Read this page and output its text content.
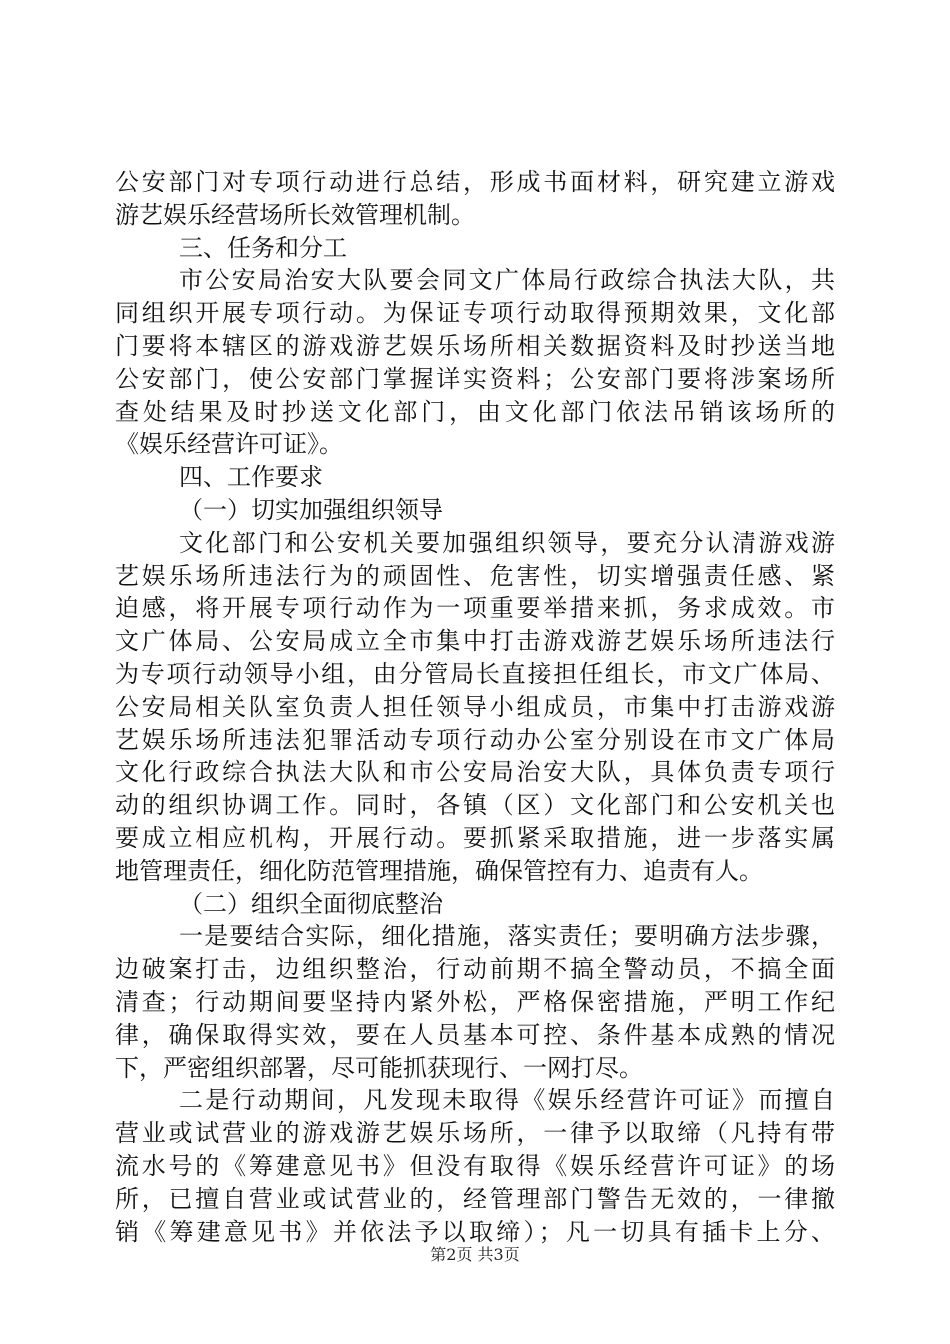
公安部门对专项行动进行总结，形成书面材料，研究建立游戏
游艺娱乐经营场所长效管理机制。
三、任务和分工
市公安局治安大队要会同文广体局行政综合执法大队，共
同组织开展专项行动。为保证专项行动取得预期效果，文化部
门要将本辖区的游戏游艺娱乐场所相关数据资料及时抄送当地
公安部门，使公安部门掌握详实资料；公安部门要将涉案场所
查处结果及时抄送文化部门，由文化部门依法吊销该场所的
《娱乐经营许可证》。
四、工作要求
（一）切实加强组织领导
文化部门和公安机关要加强组织领导，要充分认清游戏游
艺娱乐场所违法行为的顽固性、危害性，切实增强责任感、紧
迫感，将开展专项行动作为一项重要举措来抓，务求成效。市
文广体局、公安局成立全市集中打击游戏游艺娱乐场所违法行
为专项行动领导小组，由分管局长直接担任组长，市文广体局、
公安局相关队室负责人担任领导小组成员，市集中打击游戏游
艺娱乐场所违法犯罪活动专项行动办公室分别设在市文广体局
文化行政综合执法大队和市公安局治安大队，具体负责专项行
动的组织协调工作。同时，各镇（区）文化部门和公安机关也
要成立相应机构，开展行动。要抓紧采取措施，进一步落实属
地管理责任，细化防范管理措施，确保管控有力、追责有人。
（二）组织全面彻底整治
一是要结合实际，细化措施，落实责任；要明确方法步骤，
边破案打击，边组织整治，行动前期不搞全警动员，不搞全面
清查；行动期间要坚持内紧外松，严格保密措施，严明工作纪
律，确保取得实效，要在人员基本可控、条件基本成熟的情况
下，严密组织部署，尽可能抓获现行、一网打尽。
二是行动期间，凡发现未取得《娱乐经营许可证》而擅自
营业或试营业的游戏游艺娱乐场所，一律予以取缔（凡持有带
流水号的《筹建意见书》但没有取得《娱乐经营许可证》的场
所，已擅自营业或试营业的，经管理部门警告无效的，一律撤
销《筹建意见书》并依法予以取缔）；凡一切具有插卡上分、
第2页 共3页
